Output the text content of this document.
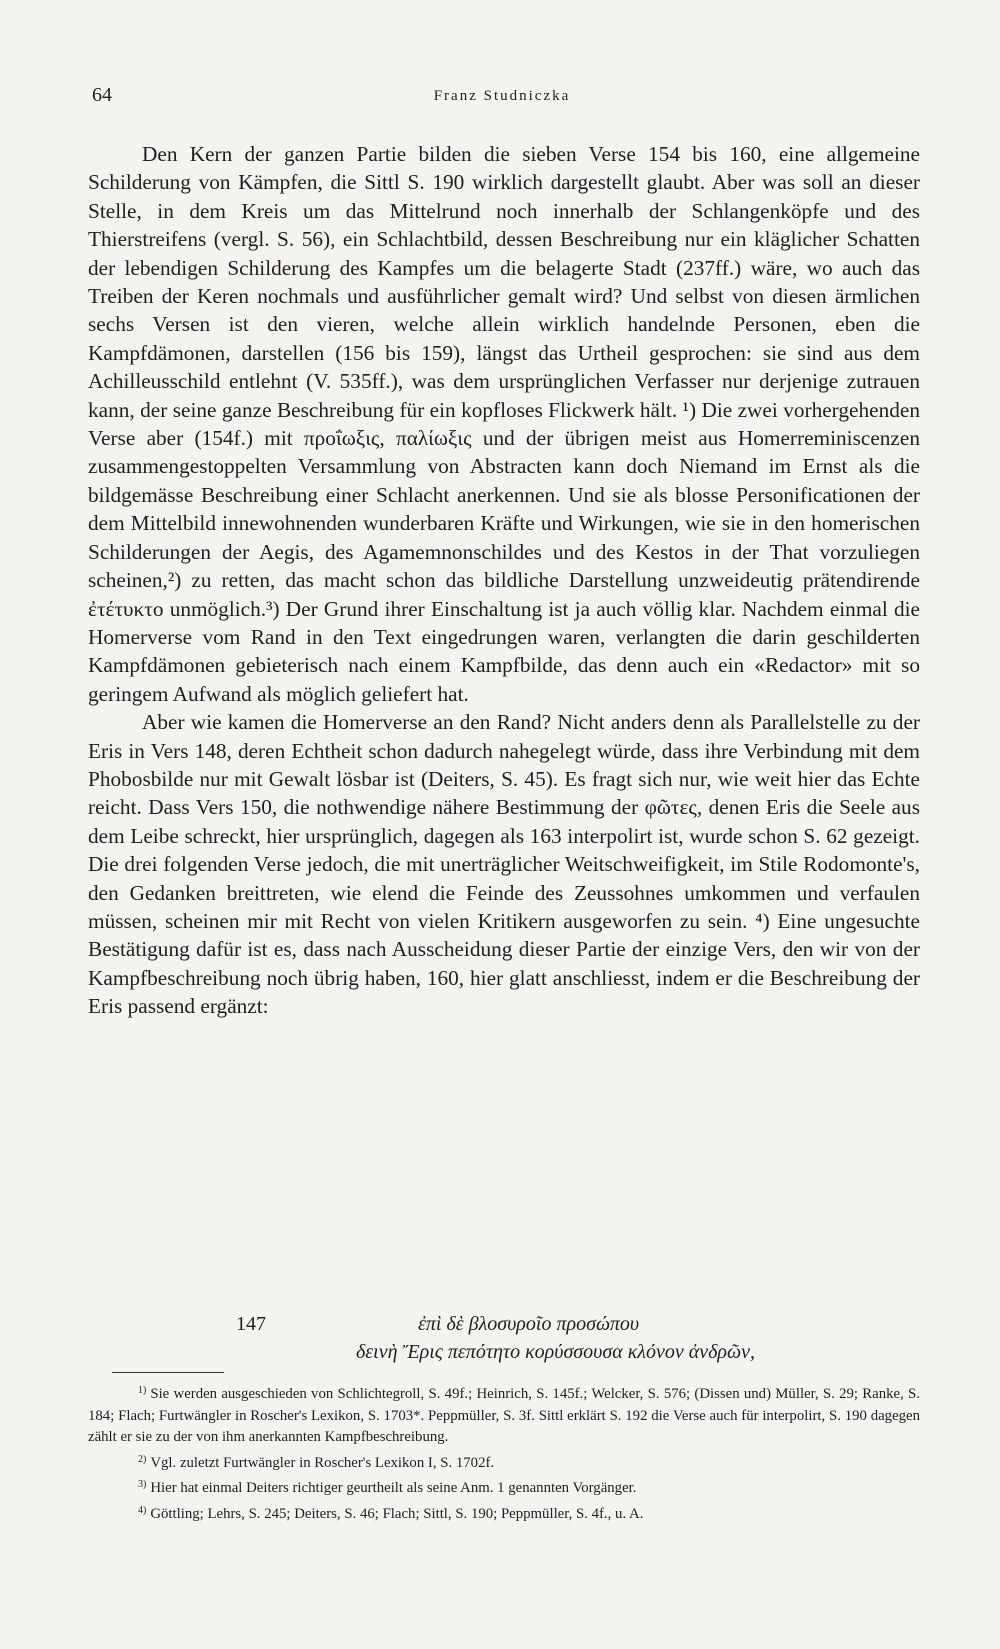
64	Franz Studniczka

Den Kern der ganzen Partie bilden die sieben Verse 154 bis 160, eine allgemeine Schilderung von Kämpfen, die Sittl S. 190 wirklich dargestellt glaubt. Aber was soll an dieser Stelle, in dem Kreis um das Mittelrund noch innerhalb der Schlangenköpfe und des Thierstreifens (vergl. S. 56), ein Schlachtbild, dessen Beschreibung nur ein kläglicher Schatten der lebendigen Schilderung des Kampfes um die belagerte Stadt (237ff.) wäre, wo auch das Treiben der Keren nochmals und ausführlicher gemalt wird? Und selbst von diesen ärmlichen sechs Versen ist den vieren, welche allein wirklich handelnde Personen, eben die Kampfdämonen, darstellen (156 bis 159), längst das Urtheil gesprochen: sie sind aus dem Achilleusschild entlehnt (V. 535ff.), was dem ursprünglichen Verfasser nur derjenige zutrauen kann, der seine ganze Beschreibung für ein kopfloses Flickwerk hält. ¹) Die zwei vorhergehenden Verse aber (154f.) mit προΐωξις, παλίωξις und der übrigen meist aus Homerreminiscenzen zusammengestoppelten Versammlung von Abstracten kann doch Niemand im Ernst als die bildgemässe Beschreibung einer Schlacht anerkennen. Und sie als blosse Personificationen der dem Mittelbild innewohnenden wunderbaren Kräfte und Wirkungen, wie sie in den homerischen Schilderungen der Aegis, des Agamemnonschildes und des Kestos in der That vorzuliegen scheinen,²) zu retten, das macht schon das bildliche Darstellung unzweideutig prätendirende ἐτέτυκτο unmöglich.³) Der Grund ihrer Einschaltung ist ja auch völlig klar. Nachdem einmal die Homerverse vom Rand in den Text eingedrungen waren, verlangten die darin geschilderten Kampfdämonen gebieterisch nach einem Kampfbilde, das denn auch ein «Redactor» mit so geringem Aufwand als möglich geliefert hat.

Aber wie kamen die Homerverse an den Rand? Nicht anders denn als Parallelstelle zu der Eris in Vers 148, deren Echtheit schon dadurch nahegelegt würde, dass ihre Verbindung mit dem Phobosbilde nur mit Gewalt lösbar ist (Deiters, S. 45). Es fragt sich nur, wie weit hier das Echte reicht. Dass Vers 150, die nothwendige nähere Bestimmung der φῶτες, denen Eris die Seele aus dem Leibe schreckt, hier ursprünglich, dagegen als 163 interpolirt ist, wurde schon S. 62 gezeigt. Die drei folgenden Verse jedoch, die mit unerträglicher Weitschweifigkeit, im Stile Rodomonte's, den Gedanken breittreten, wie elend die Feinde des Zeussohnes umkommen und verfaulen müssen, scheinen mir mit Recht von vielen Kritikern ausgeworfen zu sein. ⁴) Eine ungesuchte Bestätigung dafür ist es, dass nach Ausscheidung dieser Partie der einzige Vers, den wir von der Kampfbeschreibung noch übrig haben, 160, hier glatt anschliesst, indem er die Beschreibung der Eris passend ergänzt:

147	ἐπὶ δὲ βλοσυροῖο προσώπου
δεινὴ Ἔρις πεπότητο κορύσσουσα κλόνον ἀνδρῶν,

$^{1)}$ Sie werden ausgeschieden von Schlichtegroll, S. 49f.; Heinrich, S. 145f.; Welcker, S. 576; (Dissen und) Müller, S. 29; Ranke, S. 184; Flach; Furtwängler in Roscher's Lexikon, S. 1703*. Peppmüller, S. 3f. Sittl erklärt S. 192 die Verse auch für interpolirt, S. 190 dagegen zählt er sie zu der von ihm anerkannten Kampfbeschreibung.

$^{2)}$ Vgl. zuletzt Furtwängler in Roscher's Lexikon I, S. 1702f.

$^{3)}$ Hier hat einmal Deiters richtiger geurtheilt als seine Anm. 1 genannten Vorgänger.

$^{4)}$ Göttling; Lehrs, S. 245; Deiters, S. 46; Flach; Sittl, S. 190; Peppmüller, S. 4f., u. A.
